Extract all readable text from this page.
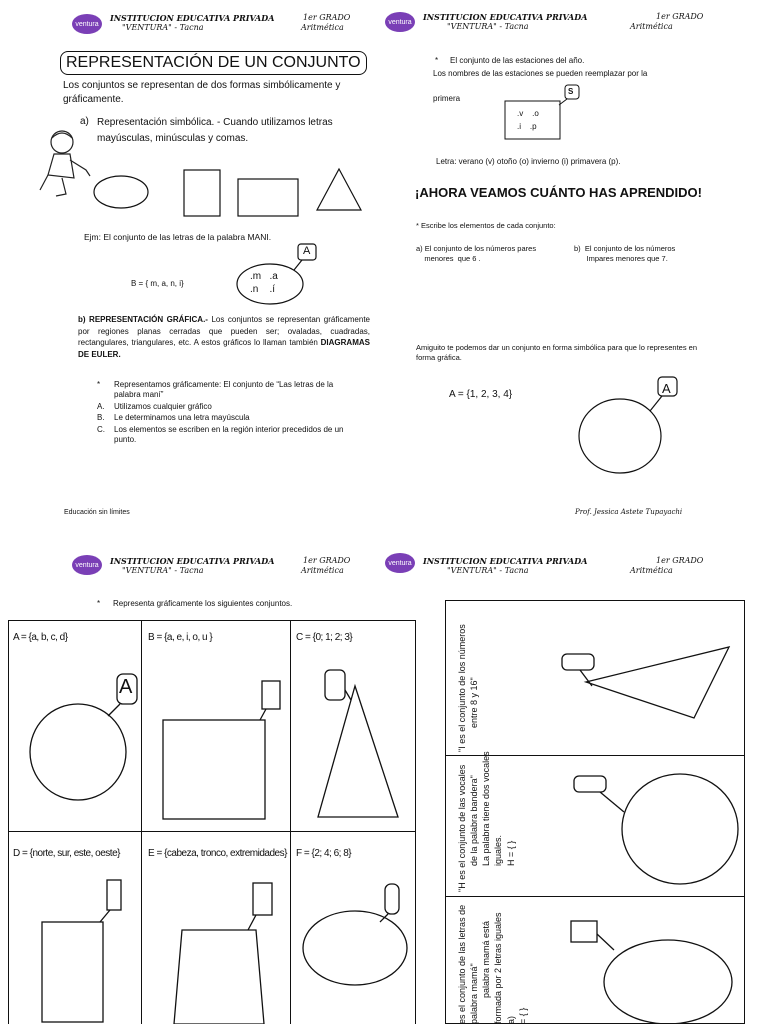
ventura
INSTITUCION EDUCATIVA PRIVADA
"VENTURA" - Tacna
1er GRADO
Aritmética
ventura INSTITUCION EDUCATIVA PRIVADA
"VENTURA" - Tacna
1er GRADO
Aritmética
ventura INSTITUCION EDUCATIVA PRIVADA
"VENTURA" - Tacna
1er GRADO
Aritmética
ventura INSTITUCION EDUCATIVA PRIVADA
"VENTURA" - Tacna
1er GRADO
Aritmética
REPRESENTACIÓN DE UN CONJUNTO
Los conjuntos se representan de dos formas simbólicamente y gráficamente.
a) Representación simbólica. - Cuando utilizamos letras mayúsculas, minúsculas y comas.
Ejm: El conjunto de las letras de la palabra MANI.
B = { m, a, n, i}
A
.m   .a
.n    .í
b) REPRESENTACIÓN GRÁFICA.- Los conjuntos se representan gráficamente por regiones planas cerradas que pueden ser; ovaladas, cuadradas, rectangulares, triangulares, etc. A estos gráficos lo llaman también DIAGRAMAS DE EULER.
*	Representamos gráficamente: El conjunto de “Las letras de la palabra maní”
A.	Utilizamos cualquier gráfico
B.	Le determinamos una letra mayúscula
C.	Los elementos se escriben en la región interior precedidos de un punto.
Educación sin límites
* El conjunto de las estaciones del año.
Los nombres de las estaciones se pueden reemplazar por la
primera
S
.v    .o
.i    .p
Letra: verano (v) otoño (o) invierno (i) primavera (p).
¡AHORA VEAMOS CUÁNTO HAS APRENDIDO!
* Escribe los elementos de cada conjunto:
a) El conjunto de los números pares
menores  que 6 .
b)  El conjunto de los números
Impares menores que 7.
Amiguito te podemos dar un conjunto en forma simbólica para que lo representes en forma gráfica.
A = {1, 2, 3, 4}	A
Prof. Jessica Astete Tupayachi
* Representa gráficamente los siguientes conjuntos.
A = {a, b, c, d}	B = {a, e, i, o, u }	C = {0; 1; 2; 3}
D = {norte, sur, este, oeste}	E = {cabeza, tronco, extremidades} F = {2; 4; 6; 8}
A	"I es el conjunto de los números entre 8 y 16"
"H es el conjunto de las vocales de la palabra bandera" La palabra tiene dos vocales iguales. H = { }
es el conjunto de las letras de palabra mamá" palabra mamá está formada por 2 letras iguales a) = { }
